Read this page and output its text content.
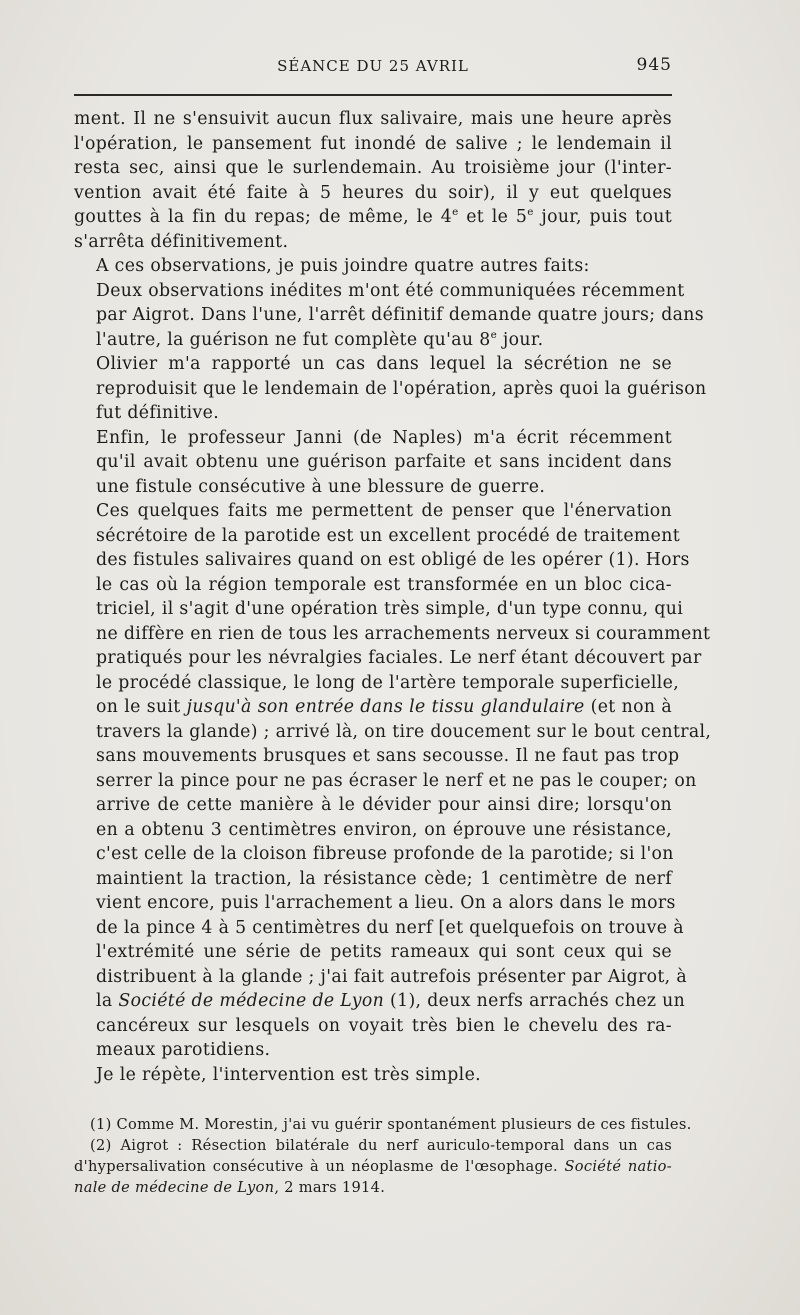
SÉANCE DU 25 AVRIL	945

ment. Il ne s'ensuivit aucun flux salivaire, mais une heure après
l'opération, le pansement fut inondé de salive ; le lendemain il
resta sec, ainsi que le surlendemain. Au troisième jour (l'inter-
vention avait été faite à 5 heures du soir), il y eut quelques
gouttes à la fin du repas; de même, le 4e et le 5e jour, puis tout
s'arrêta définitivement.

A ces observations, je puis joindre quatre autres faits:

Deux observations inédites m'ont été communiquées récemment
par Aigrot. Dans l'une, l'arrêt définitif demande quatre jours; dans
l'autre, la guérison ne fut complète qu'au 8e jour.

Olivier m'a rapporté un cas dans lequel la sécrétion ne se
reproduisit que le lendemain de l'opération, après quoi la guérison
fut définitive.

Enfin, le professeur Janni (de Naples) m'a écrit récemment
qu'il avait obtenu une guérison parfaite et sans incident dans
une fistule consécutive à une blessure de guerre.

Ces quelques faits me permettent de penser que l'énervation
sécrétoire de la parotide est un excellent procédé de traitement
des fistules salivaires quand on est obligé de les opérer (1). Hors
le cas où la région temporale est transformée en un bloc cica-
triciel, il s'agit d'une opération très simple, d'un type connu, qui
ne diffère en rien de tous les arrachements nerveux si couramment
pratiqués pour les névralgies faciales. Le nerf étant découvert par
le procédé classique, le long de l'artère temporale superficielle,
on le suit jusqu'à son entrée dans le tissu glandulaire (et non à
travers la glande) ; arrivé là, on tire doucement sur le bout central,
sans mouvements brusques et sans secousse. Il ne faut pas trop
serrer la pince pour ne pas écraser le nerf et ne pas le couper; on
arrive de cette manière à le dévider pour ainsi dire; lorsqu'on
en a obtenu 3 centimètres environ, on éprouve une résistance,
c'est celle de la cloison fibreuse profonde de la parotide; si l'on
maintient la traction, la résistance cède; 1 centimètre de nerf
vient encore, puis l'arrachement a lieu. On a alors dans le mors
de la pince 4 à 5 centimètres du nerf [et quelquefois on trouve à
l'extrémité une série de petits rameaux qui sont ceux qui se
distribuent à la glande ; j'ai fait autrefois présenter par Aigrot, à
la Société de médecine de Lyon (1), deux nerfs arrachés chez un
cancéreux sur lesquels on voyait très bien le chevelu des ra-
meaux parotidiens.

Je le répète, l'intervention est très simple.

(1) Comme M. Morestin, j'ai vu guérir spontanément plusieurs de ces fistules.
(2) Aigrot : Résection bilatérale du nerf auriculo-temporal dans un cas
d'hypersalivation consécutive à un néoplasme de l'œsophage. Société natio-
nale de médecine de Lyon, 2 mars 1914.
